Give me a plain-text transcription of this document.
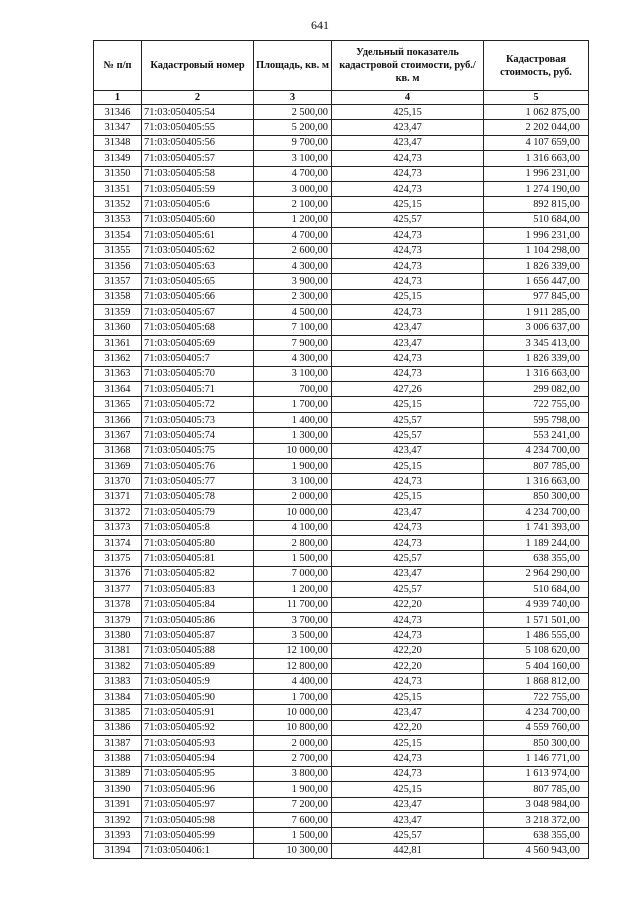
641
№ п/п	Кадастровый номер	Площадь, кв. м	Удельный показатель кадастровой стоимости, руб./кв. м	Кадастровая стоимость, руб.
1	2	3	4	5
31346	71:03:050405:54	2 500,00	425,15	1 062 875,00
31347	71:03:050405:55	5 200,00	423,47	2 202 044,00
31348	71:03:050405:56	9 700,00	423,47	4 107 659,00
31349	71:03:050405:57	3 100,00	424,73	1 316 663,00
31350	71:03:050405:58	4 700,00	424,73	1 996 231,00
31351	71:03:050405:59	3 000,00	424,73	1 274 190,00
31352	71:03:050405:6	2 100,00	425,15	892 815,00
31353	71:03:050405:60	1 200,00	425,57	510 684,00
31354	71:03:050405:61	4 700,00	424,73	1 996 231,00
31355	71:03:050405:62	2 600,00	424,73	1 104 298,00
31356	71:03:050405:63	4 300,00	424,73	1 826 339,00
31357	71:03:050405:65	3 900,00	424,73	1 656 447,00
31358	71:03:050405:66	2 300,00	425,15	977 845,00
31359	71:03:050405:67	4 500,00	424,73	1 911 285,00
31360	71:03:050405:68	7 100,00	423,47	3 006 637,00
31361	71:03:050405:69	7 900,00	423,47	3 345 413,00
31362	71:03:050405:7	4 300,00	424,73	1 826 339,00
31363	71:03:050405:70	3 100,00	424,73	1 316 663,00
31364	71:03:050405:71	700,00	427,26	299 082,00
31365	71:03:050405:72	1 700,00	425,15	722 755,00
31366	71:03:050405:73	1 400,00	425,57	595 798,00
31367	71:03:050405:74	1 300,00	425,57	553 241,00
31368	71:03:050405:75	10 000,00	423,47	4 234 700,00
31369	71:03:050405:76	1 900,00	425,15	807 785,00
31370	71:03:050405:77	3 100,00	424,73	1 316 663,00
31371	71:03:050405:78	2 000,00	425,15	850 300,00
31372	71:03:050405:79	10 000,00	423,47	4 234 700,00
31373	71:03:050405:8	4 100,00	424,73	1 741 393,00
31374	71:03:050405:80	2 800,00	424,73	1 189 244,00
31375	71:03:050405:81	1 500,00	425,57	638 355,00
31376	71:03:050405:82	7 000,00	423,47	2 964 290,00
31377	71:03:050405:83	1 200,00	425,57	510 684,00
31378	71:03:050405:84	11 700,00	422,20	4 939 740,00
31379	71:03:050405:86	3 700,00	424,73	1 571 501,00
31380	71:03:050405:87	3 500,00	424,73	1 486 555,00
31381	71:03:050405:88	12 100,00	422,20	5 108 620,00
31382	71:03:050405:89	12 800,00	422,20	5 404 160,00
31383	71:03:050405:9	4 400,00	424,73	1 868 812,00
31384	71:03:050405:90	1 700,00	425,15	722 755,00
31385	71:03:050405:91	10 000,00	423,47	4 234 700,00
31386	71:03:050405:92	10 800,00	422,20	4 559 760,00
31387	71:03:050405:93	2 000,00	425,15	850 300,00
31388	71:03:050405:94	2 700,00	424,73	1 146 771,00
31389	71:03:050405:95	3 800,00	424,73	1 613 974,00
31390	71:03:050405:96	1 900,00	425,15	807 785,00
31391	71:03:050405:97	7 200,00	423,47	3 048 984,00
31392	71:03:050405:98	7 600,00	423,47	3 218 372,00
31393	71:03:050405:99	1 500,00	425,57	638 355,00
31394	71:03:050406:1	10 300,00	442,81	4 560 943,00
